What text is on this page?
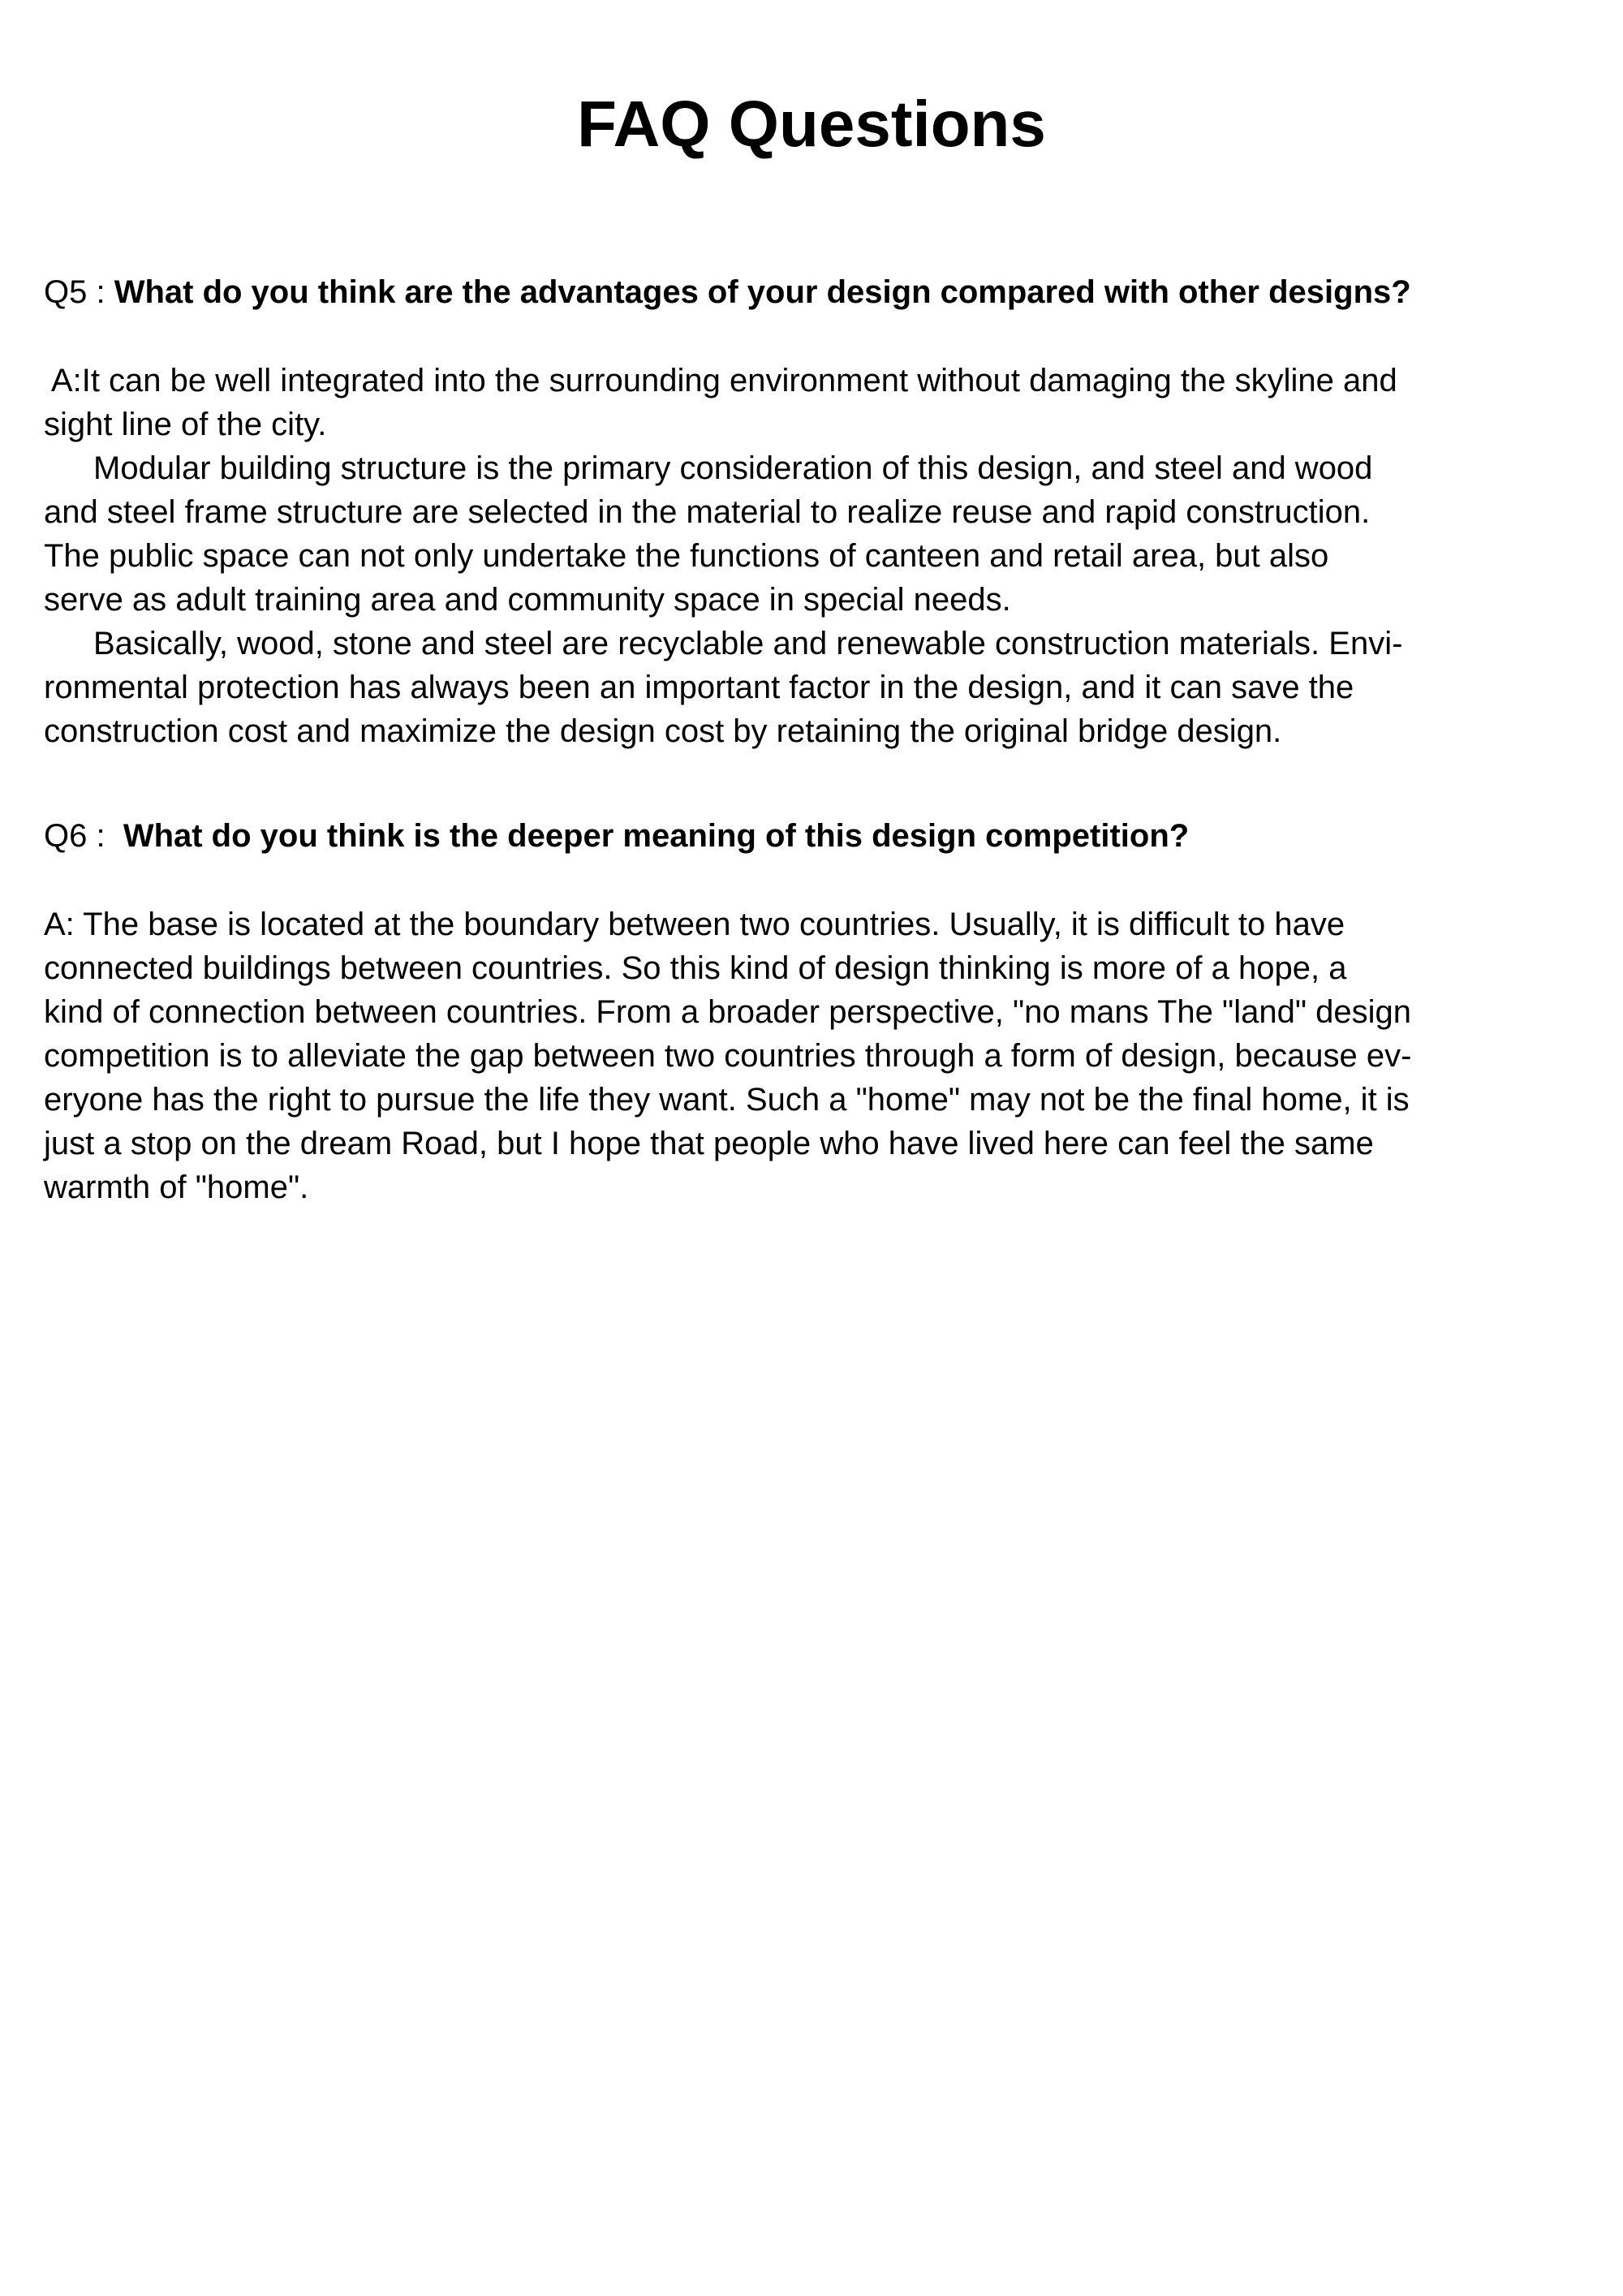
FAQ Questions

Q5 : What do you think are the advantages of your design compared with other designs?

A:It can be well integrated into the surrounding environment without damaging the skyline and
sight line of the city.
Modular building structure is the primary consideration of this design, and steel and wood
and steel frame structure are selected in the material to realize reuse and rapid construction.
The public space can not only undertake the functions of canteen and retail area, but also
serve as adult training area and community space in special needs.
Basically, wood, stone and steel are recyclable and renewable construction materials. Envi-
ronmental protection has always been an important factor in the design, and it can save the
construction cost and maximize the design cost by retaining the original bridge design.

Q6 :  What do you think is the deeper meaning of this design competition?

A: The base is located at the boundary between two countries. Usually, it is difficult to have
connected buildings between countries. So this kind of design thinking is more of a hope, a
kind of connection between countries. From a broader perspective, "no mans The "land" design
competition is to alleviate the gap between two countries through a form of design, because ev-
eryone has the right to pursue the life they want. Such a "home" may not be the final home, it is
just a stop on the dream Road, but I hope that people who have lived here can feel the same
warmth of "home".
